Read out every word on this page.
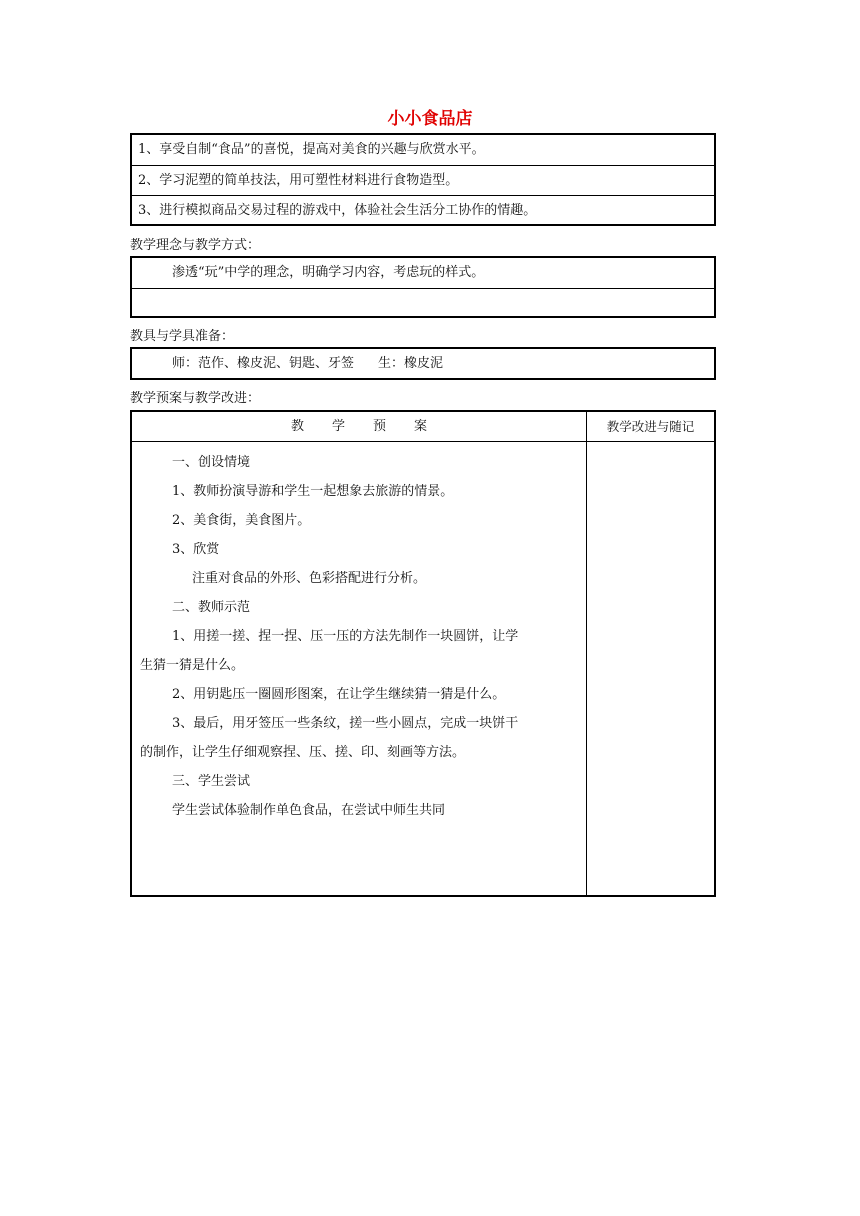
小小食品店
1、享受自制“食品”的喜悦，提高对美食的兴趣与欣赏水平。
2、学习泥塑的简单技法，用可塑性材料进行食物造型。
3、进行模拟商品交易过程的游戏中，体验社会生活分工协作的情趣。
教学理念与教学方式：
渗透“玩”中学的理念，明确学习内容，考虑玩的样式。
教具与学具准备：
师：范作、橡皮泥、钥匙、牙签 生：橡皮泥
教学预案与教学改进：
教 学 预 案	教学改进与随记
一、创设情境
1、教师扮演导游和学生一起想象去旅游的情景。
2、美食街，美食图片。
3、欣赏
注重对食品的外形、色彩搭配进行分析。
二、教师示范
1、用搓一搓、捏一捏、压一压的方法先制作一块圆饼，让学
生猜一猜是什么。
2、用钥匙压一圈圆形图案，在让学生继续猜一猜是什么。
3、最后，用牙签压一些条纹，搓一些小圆点，完成一块饼干
的制作，让学生仔细观察捏、压、搓、印、刻画等方法。
三、学生尝试
学生尝试体验制作单色食品，在尝试中师生共同
